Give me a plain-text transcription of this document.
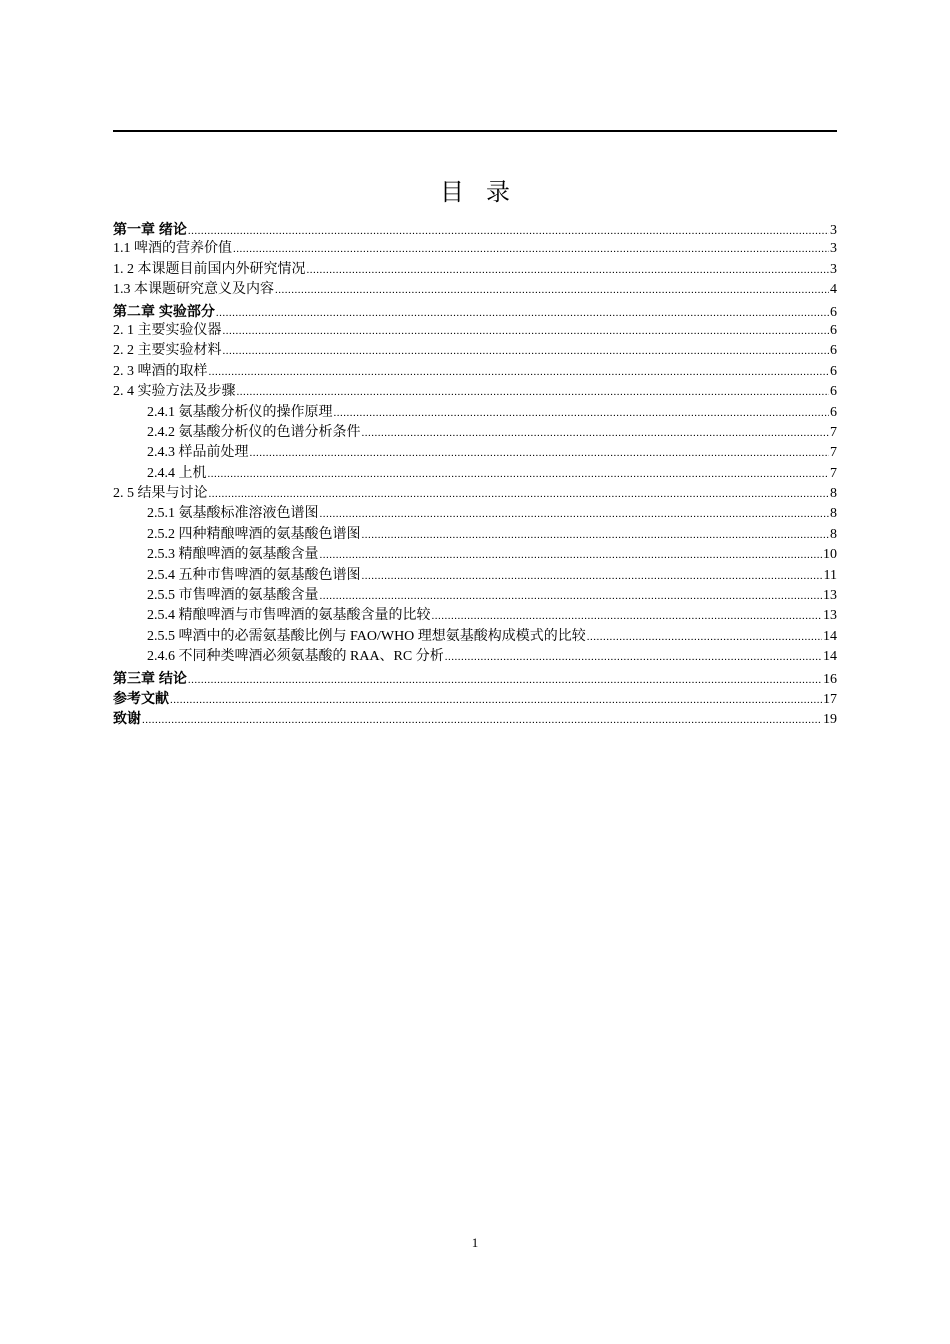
目录
第一章 绪论 .....	3
1.1 啤酒的营养价值 .....	3
1. 2 本课题目前国内外研究情况 .....	3
1.3 本课题研究意义及内容 .....	4
第二章 实验部分 .....	6
2. 1 主要实验仪器 .....	6
2. 2 主要实验材料 .....	6
2. 3 啤酒的取样 .....	6
2. 4 实验方法及步骤 .....	6
2.4.1 氨基酸分析仪的操作原理 .....	6
2.4.2 氨基酸分析仪的色谱分析条件 .....	7
2.4.3 样品前处理 .....	7
2.4.4 上机 .....	7
2. 5 结果与讨论 .....	8
2.5.1 氨基酸标准溶液色谱图 .....	8
2.5.2 四种精酿啤酒的氨基酸色谱图 .....	8
2.5.3 精酿啤酒的氨基酸含量 .....	10
2.5.4 五种市售啤酒的氨基酸色谱图 .....	11
2.5.5 市售啤酒的氨基酸含量 .....	13
2.5.4 精酿啤酒与市售啤酒的氨基酸含量的比较 .....	13
2.5.5 啤酒中的必需氨基酸比例与 FAO/WHO 理想氨基酸构成模式的比较 .....	14
2.4.6 不同种类啤酒必须氨基酸的 RAA、RC 分析 .....	14
第三章 结论 .....	16
参考文献 .....	17
致谢 .....	19
1
